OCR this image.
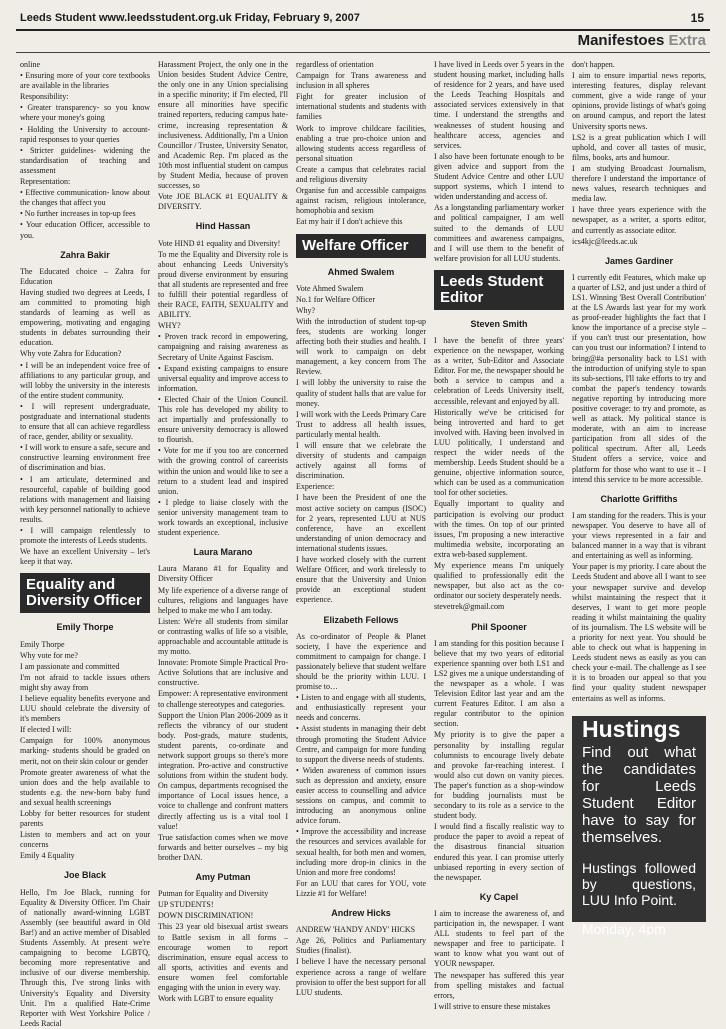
Leeds Student www.leedsstudent.org.uk Friday, February 9, 2007	15
Manifestoes Extra

online

• Ensuring more of your core textbooks are available in the libraries

Responsibility:

• Greater transparency- so you know where your money's going

• Holding the University to account- rapid responses to your queries

• Stricter guidelines- widening the standardisation of teaching and assessment

Representation:

• Effective communication- know about the changes that affect you

• No further increases in top-up fees

• Your education Officer, accessible to you.

Zahra Bakir

The Educated choice – Zahra for Education

Having studied two degrees at Leeds, I am committed to promoting high standards of learning as well as empowering, motivating and engaging students in debates surrounding their education.

Why vote Zahra for Education?

• I will be an independent voice free of affiliations to any particular group, and will lobby the university in the interests of the entire student community.

• I will represent undergraduate, postgraduate and international students to ensure that all can achieve regardless of race, gender, ability or sexuality.

• I will work to ensure a safe, secure and constructive learning environment free of discrimination and bias.

• I am articulate, determined and resourceful, capable of building good relations with management and liaising with key personnel nationally to achieve results.

• I will campaign relentlessly to promote the interests of Leeds students.

We have an excellent University – let's keep it that way.

Equality and Diversity Officer
Emily Thorpe

Emily Thorpe

Why vote for me?

I am passionate and committed

I'm not afraid to tackle issues others might shy away from

I believe equality benefits everyone and LUU should celebrate the diversity of it's members

If elected I will:

Campaign for 100% anonymous marking- students should be graded on merit, not on their skin colour or gender

Promote greater awareness of what the union does and the help available to students e.g. the new-born baby fund and sexual health screenings

Lobby for better resources for student parents

Listen to members and act on your concerns

Emily 4 Equality

Joe Black

Hello, I'm Joe Black, running for Equality & Diversity Officer. I'm Chair of nationally award-winning LGBT Assembly (see beautiful award in Old Bar!) and an active member of Disabled Students Assembly. At present we're campaigning to become LGBTQ, becoming more representative and inclusive of our diverse membership. Through this, I've strong links with University's Equality and Diversity Unit. I'm a qualified Hate-Crime Reporter with West Yorkshire Police / Leeds Racial

Harassment Project, the only one in the Union besides Student Advice Centre, the only one in any Union specialising in a specific minority; if I'm elected, I'll ensure all minorities have specific trained reporters, reducing campus hate-crime, increasing representation & inclusiveness. Additionally, I'm a Union Councillor / Trustee, University Senator, and Academic Rep. I'm placed as the 10th most influential student on campus by Student Media, because of proven successes, so

Vote JOE BLACK #1 EQUALITY & DIVERSITY.

Hind Hassan

Vote HIND #1 equality and Diversity!

To me the Equality and Diversity role is about enhancing Leeds University's proud diverse environment by ensuring that all students are represented and free to fulfill their potential regardless of their RACE, FAITH, SEXUALITY and ABILITY.

WHY?

• Proven track record in empowering, campaigning and raising awareness as Secretary of Unite Against Fascism.

• Expand existing campaigns to ensure universal equality and improve access to information.

• Elected Chair of the Union Council. This role has developed my ability to act impartially and professionally to ensure university democracy is allowed to flourish.

• Vote for me if you too are concerned with the growing control of careerists within the union and would like to see a return to a student lead and inspired union.

• I pledge to liaise closely with the senior university management team to work towards an exceptional, inclusive student experience.

Laura Marano

Laura Marano #1 for Equality and Diversity Officer

My life experience of a diverse range of cultures, religions and languages have helped to make me who I am today.

Listen: We're all students from similar or contrasting walks of life so a visible, approachable and accountable attitude is my motto.

Innovate: Promote Simple Practical Pro-Active Solutions that are inclusive and constructive.

Empower: A representative environment to challenge stereotypes and categories.

Support the Union Plan 2006-2009 as it reflects the vibrancy of our student body. Post-grads, mature students, student parents, co-ordinate and network support groups so there's more integration. Pro-active and constructive solutions from within the student body. On campus, departments recognised the importance of Local issues hence, a voice to challenge and confront matters directly affecting us is a vital tool I value!

True satisfaction comes when we move forwards and better ourselves – my big brother DAN.

Amy Putman

Putman for Equality and Diversity

UP STUDENTS!

DOWN DISCRIMINATION!

This 23 year old bisexual artist swears to Battle sexism in all forms – encourage women to report discrimination, ensure equal access to all sports, activities and events and ensure women feel comfortable engaging with the union in every way.

Work with LGBT to ensure equality

regardless of orientation

Campaign for Trans awareness and inclusion in all spheres

Fight for greater inclusion of international students and students with families

Work to improve childcare facilities, enabling a true pro-choice union and allowing students access regardless of personal situation

Create a campus that celebrates racial and religious diversity

Organise fun and accessible campaigns against racism, religious intolerance, homophobia and sexism

Eat my hair if I don't achieve this

Welfare Officer
Ahmed Swalem

Vote Ahmed Swalem

No.1 for Welfare Officer

Why?

With the introduction of student top-up fees, students are working longer affecting both their studies and health. I will work to campaign on debt management, a key concern from The Review.

I will lobby the university to raise the quality of student halls that are value for money.

I will work with the Leeds Primary Care Trust to address all health issues, particularly mental health.

I will ensure that we celebrate the diversity of students and campaign actively against all forms of discrimination.

Experience:

I have been the President of one the most active society on campus (ISOC) for 2 years, represented LUU at NUS conference, have an excellent understanding of union democracy and international students issues.

I have worked closely with the current Welfare Officer, and work tirelessly to ensure that the University and Union provide an exceptional student experience.

Elizabeth Fellows

As co-ordinator of People & Planet society, I have the experience and commitment to campaign for change. I passionately believe that student welfare should be the priority within LUU. I promise to…

• Listen to and engage with all students, and enthusiastically represent your needs and concerns.

• Assist students in managing their debt through promoting the Student Advice Centre, and campaign for more funding to support the diverse needs of students.

• Widen awareness of common issues such as depression and anxiety, ensure easier access to counselling and advice sessions on campus, and commit to introducing an anonymous online advice forum.

• Improve the accessibility and increase the resources and services available for sexual health, for both men and women, including more drop-in clinics in the Union and more free condoms!

For an LUU that cares for YOU, vote Lizzie #1 for Welfare!

Andrew Hicks

ANDREW 'HANDY ANDY' HICKS

Age 26, Politics and Parliamentary Studies (finalist).

I believe I have the necessary personal experience across a range of welfare provision to offer the best support for all LUU students.

I have lived in Leeds over 5 years in the student housing market, including halls of residence for 2 years, and have used the Leeds Teaching Hospitals and associated services extensively in that time. I understand the strengths and weaknesses of student housing and healthcare access, agencies and services.

I also have been fortunate enough to be given advice and support from the Student Advice Centre and other LUU support systems, which I intend to widen understanding and access of.

As a longstanding parliamentary worker and political campaigner, I am well suited to the demands of LUU committees and awareness campaigns, and I will use them to the benefit of welfare provision for all LUU students.

Leeds Student Editor
Steven Smith

I have the benefit of three years' experience on the newspaper, working as a writer, Sub-Editor and Associate Editor. For me, the newspaper should be both a service to campus and a celebration of Leeds University itself, accessible, relevant and enjoyed by all.

Historically we've be criticised for being introverted and hard to get involved with. Having been involved in LUU politically, I understand and respect the wider needs of the membership. Leeds Student should be a genuine, objective information source, which can be used as a communication tool for other societies.

Equally important to quality and participation is evolving our product with the times. On top of our printed issues, I'm proposing a new interactive multimedia website, incorporating an extra web-based supplement.

My experience means I'm uniquely qualified to professionally edit the newspaper, but also act as the co-ordinator our society desperately needs.

stevetrek@gmail.com

Phil Spooner

I am standing for this position because I believe that my two years of editorial experience spanning over both LS1 and LS2 gives me a unique understanding of the newspaper as a whole. I was Television Editor last year and am the current Features Editor. I am also a regular contributor to the opinion section.

My priority is to give the paper a personality by installing regular columnists to encourage lively debate and provoke far-reaching interest. I would also cut down on vanity pieces. The paper's function as a shop-window for budding journalists must be secondary to its role as a service to the student body.

I would find a fiscally realistic way to produce the paper to avoid a repeat of the disastrous financial situation endured this year. I can promise utterly unbiased reporting in every section of the newspaper.

Ky Capel

I aim to increase the awareness of, and participation in, the newspaper. I want ALL students to feel part of the newspaper and free to participate. I want to know what you want out of YOUR newspaper.

The newspaper has suffered this year from spelling mistakes and factual errors,

I will strive to ensure these mistakes

don't happen.

I aim to ensure impartial news reports, interesting features, display relevant comment, give a wide range of your opinions, provide listings of what's going on around campus, and report the latest University sports news.

LS2 is a great publication which I will uphold, and cover all tastes of music, films, books, arts and humour.

I am studying Broadcast Journalism, therefore I understand the importance of news values, research techniques and media law.

I have three years experience with the newspaper, as a writer, a sports editor, and currently as associate editor.

ics4kjc@leeds.ac.uk

James Gardiner

I currently edit Features, which make up a quarter of LS2, and just under a third of LS1. Winning 'Best Overall Contribution' at the LS Awards last year for my work as proof-reader highlights the fact that I know the importance of a precise style – if you can't trust our presentation, how can you trust our information? I intend to bring@#a personality back to LS1 with the introduction of unifying style to span its sub-sections, I'll take efforts to try and combat the paper's tendency towards negative reporting by introducing more positive coverage: to try and promote, as well as attack. My political stance is moderate, with an aim to increase participation from all sides of the political spectrum. After all, Leeds Student offers a service, voice and platform for those who want to use it – I intend this service to be more accessible.

Charlotte Griffiths

I am standing for the readers. This is your newspaper. You deserve to have all of your views represented in a fair and balanced manner in a way that is vibrant and entertaining as well as informing.

Your paper is my priority. I care about the Leeds Student and above all I want to see your newspaper survive and develop whilst maintaining the respect that it deserves, I want to get more people reading it whilst maintaining the quality of its journalism. The LS website will be a priority for next year. You should be able to check out what is happening in Leeds student news as easily as you can check your e-mail. The challenge as I see it is to broaden our appeal so that you find your quality student newspaper entertains as well as informs.

Hustings
Find out what the candidates for Leeds Student Editor have to say for themselves.
Hustings followed by questions, LUU Info Point.
Monday, 4pm
